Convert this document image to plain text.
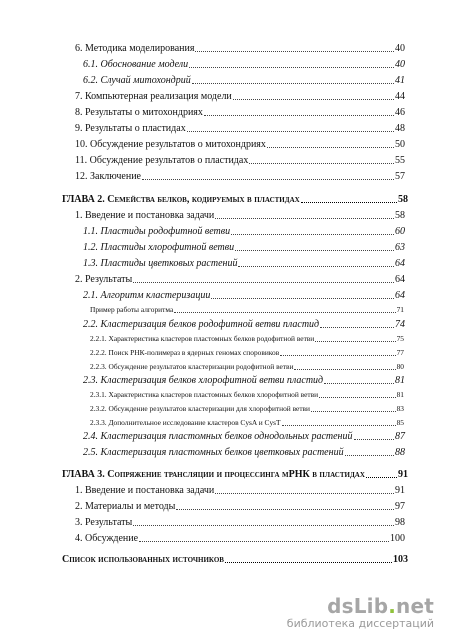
6. Методика моделирования	40
6.1. Обоснование модели	40
6.2. Случай митохондрий	41
7. Компьютерная реализация модели	44
8. Результаты о митохондриях	46
9. Результаты о пластидах	48
10. Обсуждение результатов о митохондриях	50
11. Обсуждение результатов о пластидах	55
12. Заключение	57
ГЛАВА 2. Семейства белков, кодируемых в пластидах	58
1. Введение и постановка задачи	58
1.1. Пластиды родофитной ветви	60
1.2. Пластиды хлорофитной ветви	63
1.3. Пластиды цветковых растений	64
2. Результаты	64
2.1. Алгоритм кластеризации	64
Пример работы алгоритма	71
2.2. Кластеризация белков родофитной ветви пластид	74
2.2.1. Характеристика кластеров пластомных белков родофитной ветви	75
2.2.2. Поиск РНК-полимераз в ядерных геномах споровиков	77
2.2.3. Обсуждение результатов кластеризации родофитной ветви	80
2.3. Кластеризация белков хлорофитной ветви пластид	81
2.3.1. Характеристика кластеров пластомных белков хлорофитной ветви	81
2.3.2. Обсуждение результатов кластеризации для хлорофитной ветви	83
2.3.3. Дополнительное исследование кластеров CysA и CysT	85
2.4. Кластеризация пластомных белков однодольных растений	87
2.5. Кластеризация пластомных белков цветковых растений	88
ГЛАВА 3. Сопряжение трансляции и процессинга мРНК в пластидах	91
1. Введение и постановка задачи	91
2. Материалы и методы	97
3. Результаты	98
4. Обсуждение	100
Список использованных источников	103
dsLib.net
библиотека диссертаций
